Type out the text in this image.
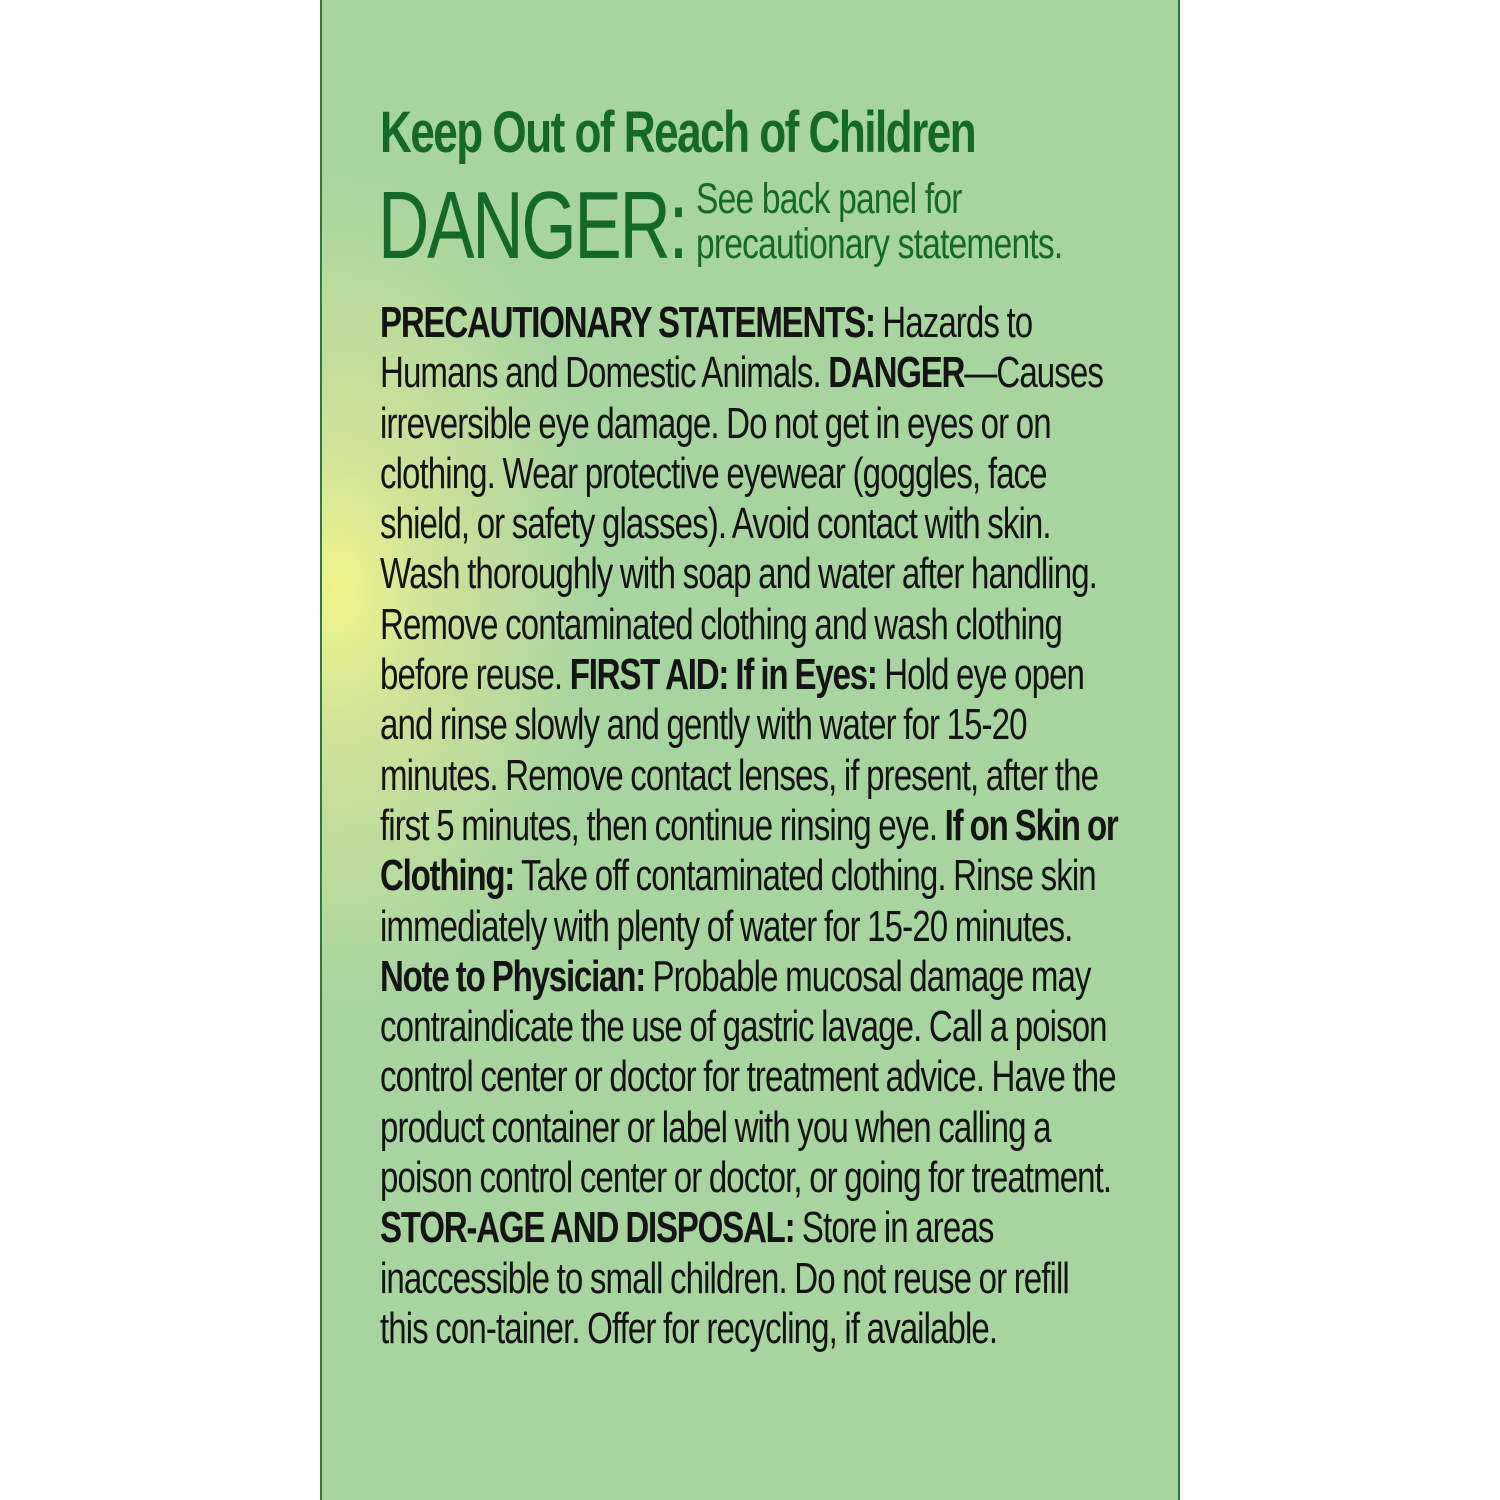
Keep Out of Reach of Children
DANGER: See back panel for precautionary statements.

PRECAUTIONARY STATEMENTS: Hazards to Humans and Domestic Animals. DANGER—Causes irreversible eye damage. Do not get in eyes or on clothing. Wear protective eyewear (goggles, face shield, or safety glasses). Avoid contact with skin. Wash thoroughly with soap and water after handling. Remove contaminated clothing and wash clothing before reuse. FIRST AID: If in Eyes: Hold eye open and rinse slowly and gently with water for 15-20 minutes. Remove contact lenses, if present, after the first 5 minutes, then continue rinsing eye. If on Skin or Clothing: Take off contaminated clothing. Rinse skin immediately with plenty of water for 15-20 minutes. Note to Physician: Probable mucosal damage may contraindicate the use of gastric lavage. Call a poison control center or doctor for treatment advice. Have the product container or label with you when calling a poison control center or doctor, or going for treatment. STOR-AGE AND DISPOSAL: Store in areas inaccessible to small children. Do not reuse or refill this con-tainer. Offer for recycling, if available.
